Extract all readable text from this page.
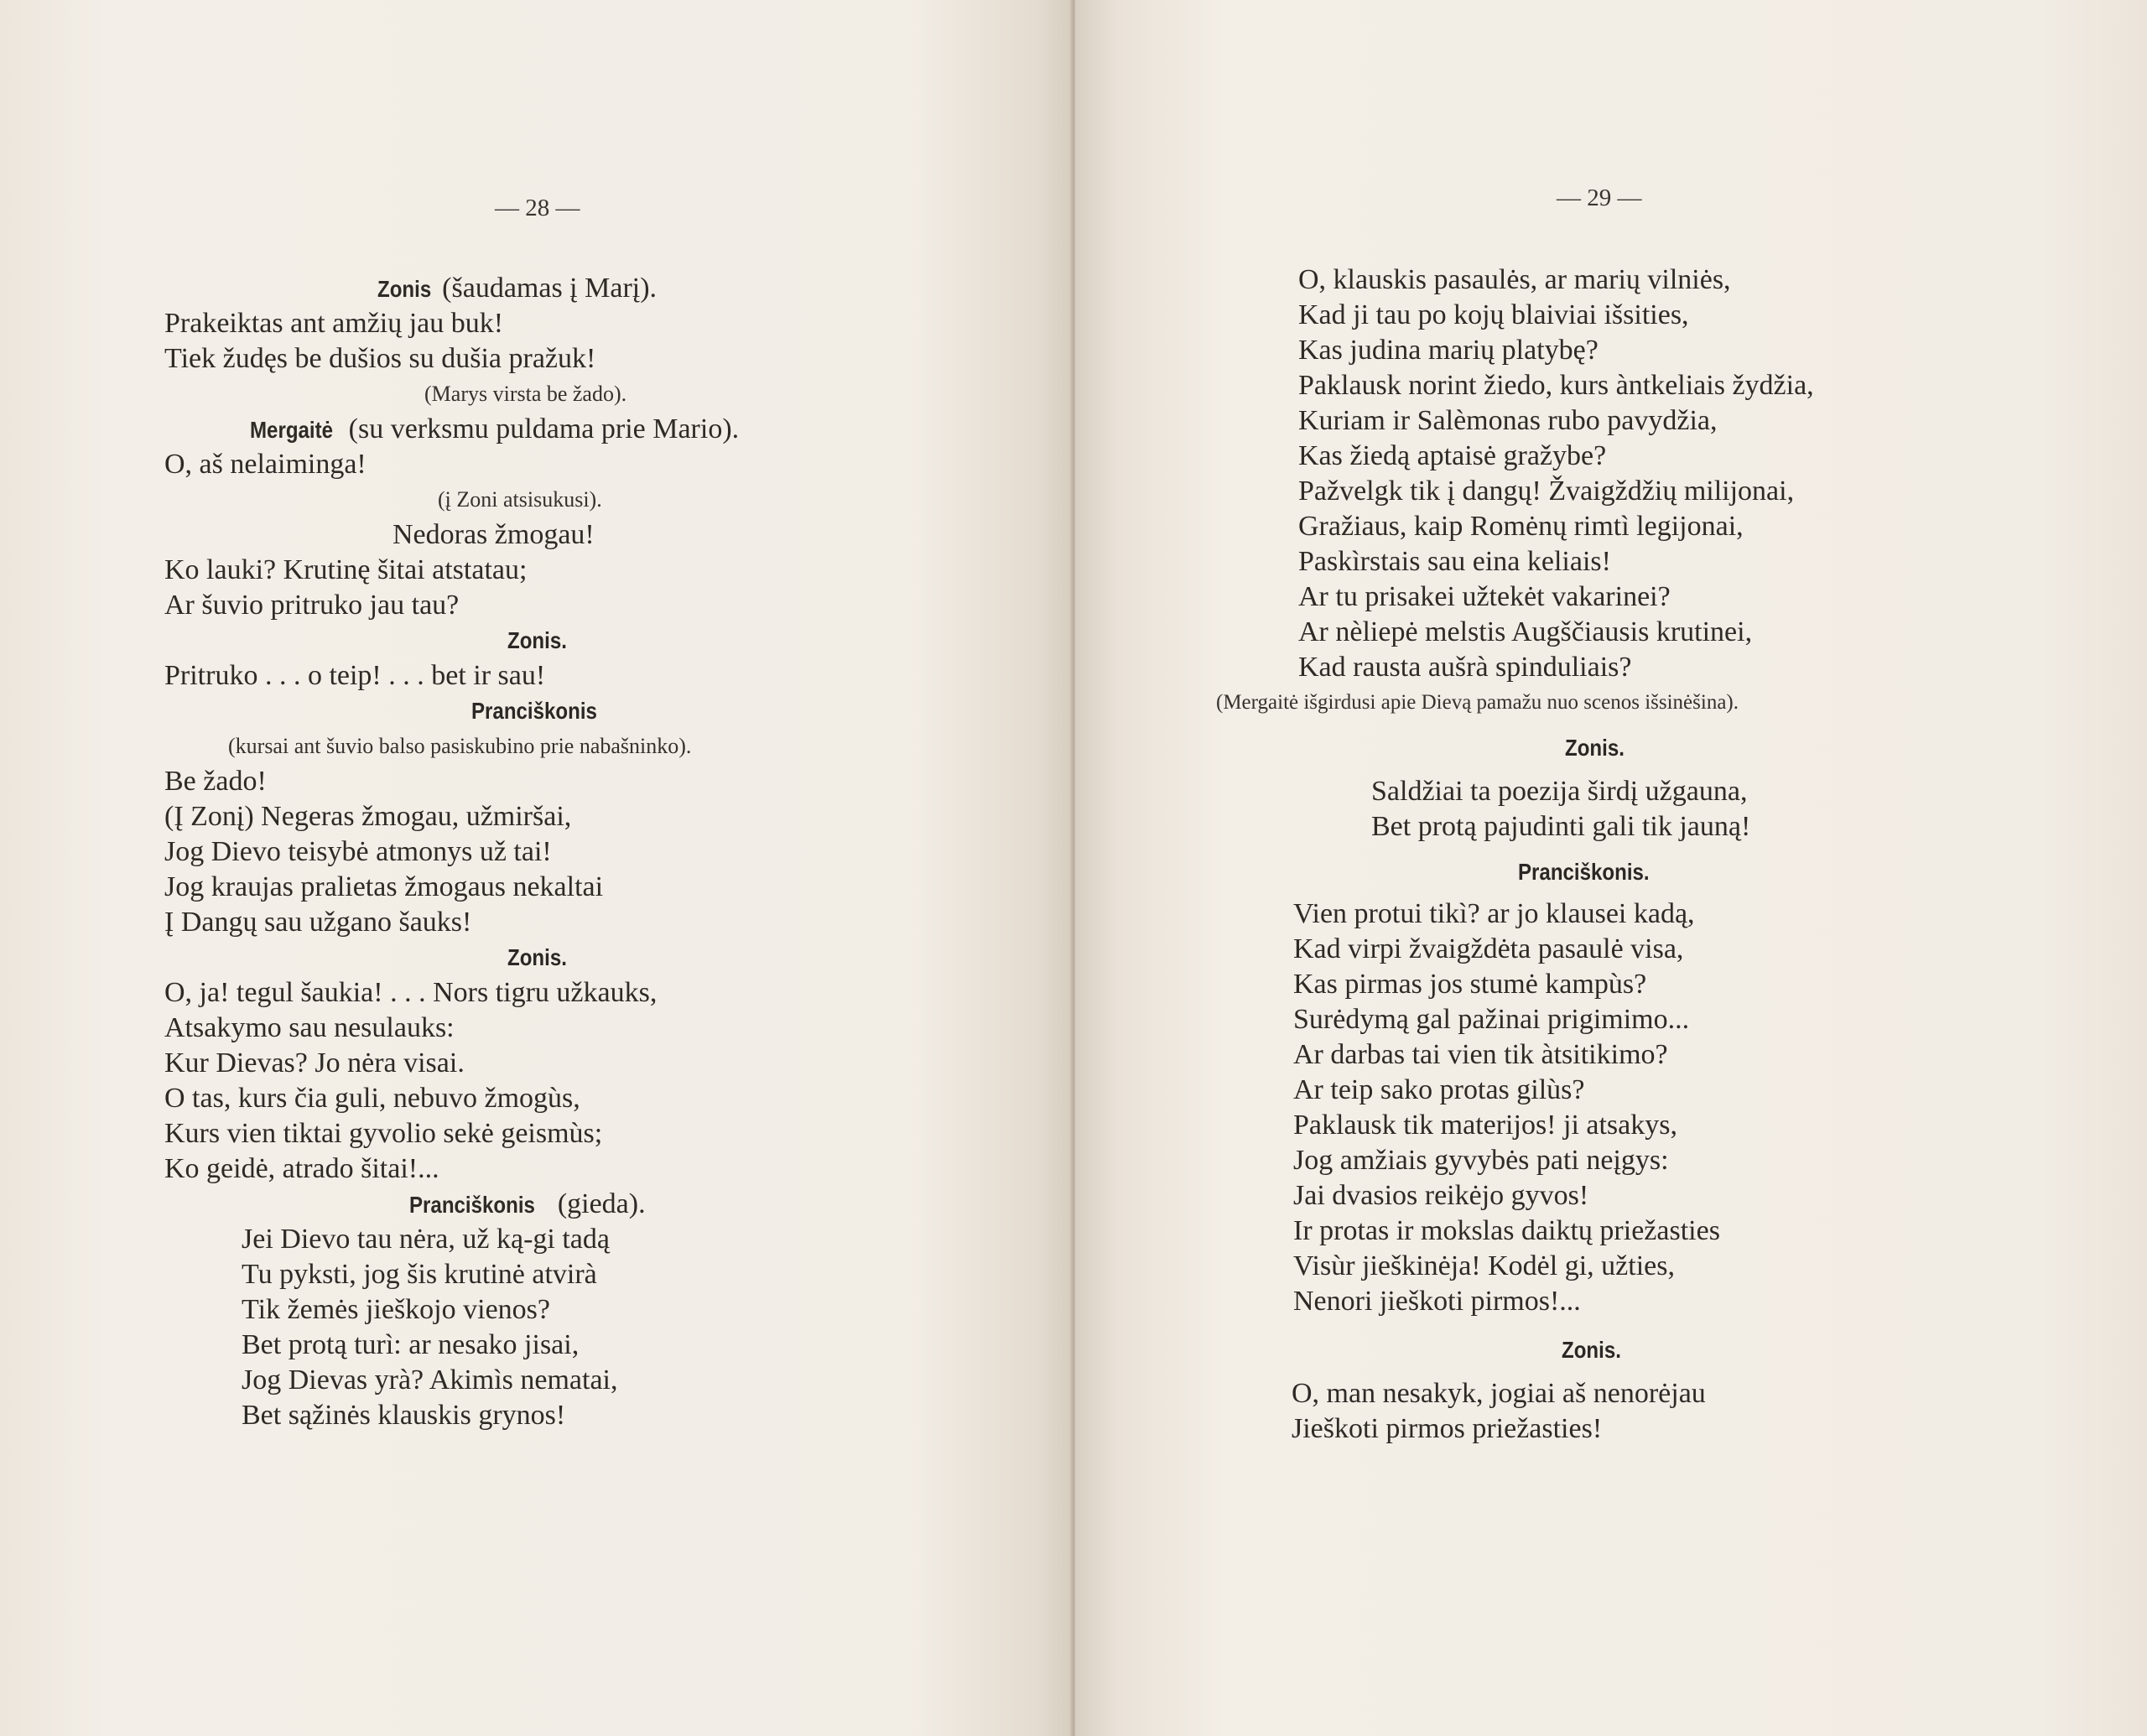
— 28 —
Zonis (šaudamas į Marį).
Prakeiktas ant amžių jau buk!
Tiek žudęs be dušios su dušia pražuk!
(Marys virsta be žado).
Mergaitė (su verksmu puldama prie Mario).
O, aš nelaiminga!
(į Zoni atsisukusi).
Nedoras žmogau!
Ko lauki? Krutinę šitai atstatau;
Ar šuvio pritruko jau tau?
Zonis.
Pritruko . . . o teip! . . . bet ir sau!
Pranciškonis
(kursai ant šuvio balso pasiskubino prie nabašninko).
Be žado!
(Į Zonį) Negeras žmogau, užmiršai,
Jog Dievo teisybė atmonys už tai!
Jog kraujas pralietas žmogaus nekaltai
Į Dangų sau užgano šauks!
Zonis.
O, ja! tegul šaukia! . . . Nors tigru užkauks,
Atsakymo sau nesulauks:
Kur Dievas? Jo nėra visai.
O tas, kurs čia guli, nebuvo žmogùs,
Kurs vien tiktai gyvolio sekė geismùs;
Ko geidė, atrado šitai!...
Pranciškonis (gieda).
Jei Dievo tau nėra, už ką-gi tadą
Tu pyksti, jog šis krutinė atvirà
Tik žemės jieškojo vienos?
Bet protą turì: ar nesako jisai,
Jog Dievas yrà? Akimìs nematai,
Bet sąžinės klauskis grynos!
— 29 —
O, klauskis pasaulės, ar marių vilniės,
Kad ji tau po kojų blaiviai išsities,
Kas judina marių platybę?
Paklausk norint žiedo, kurs àntkeliais žydžia,
Kuriam ir Salèmonas rubo pavydžia,
Kas žiedą aptaisė gražybe?
Pažvelgk tik į dangų! Žvaigždžių milijonai,
Gražiaus, kaip Romėnų rimtì legijonai,
Paskìrstais sau eina keliais!
Ar tu prisakei užtekėt vakarinei?
Ar nèliepė melstis Augščiausis krutinei,
Kad rausta aušrà spinduliais?
(Mergaitė išgirdusi apie Dievą pamažu nuo scenos išsinėšina).
Zonis.
Saldžiai ta poezija širdį užgauna,
Bet protą pajudinti gali tik jauną!
Pranciškonis.
Vien protui tikì? ar jo klausei kadą,
Kad virpi žvaigždėta pasaulė visa,
Kas pirmas jos stumė kampùs?
Surėdymą gal pažinai prigimimo...
Ar darbas tai vien tik àtsitikimo?
Ar teip sako protas gilùs?
Paklausk tik materijos! ji atsakys,
Jog amžiais gyvybės pati neįgys:
Jai dvasios reikėjo gyvos!
Ir protas ir mokslas daiktų priežasties
Visùr jieškinėja! Kodėl gi, užties,
Nenori jieškoti pirmos!...
Zonis.
O, man nesakyk, jogiai aš nenorėjau
Jieškoti pirmos priežasties!
